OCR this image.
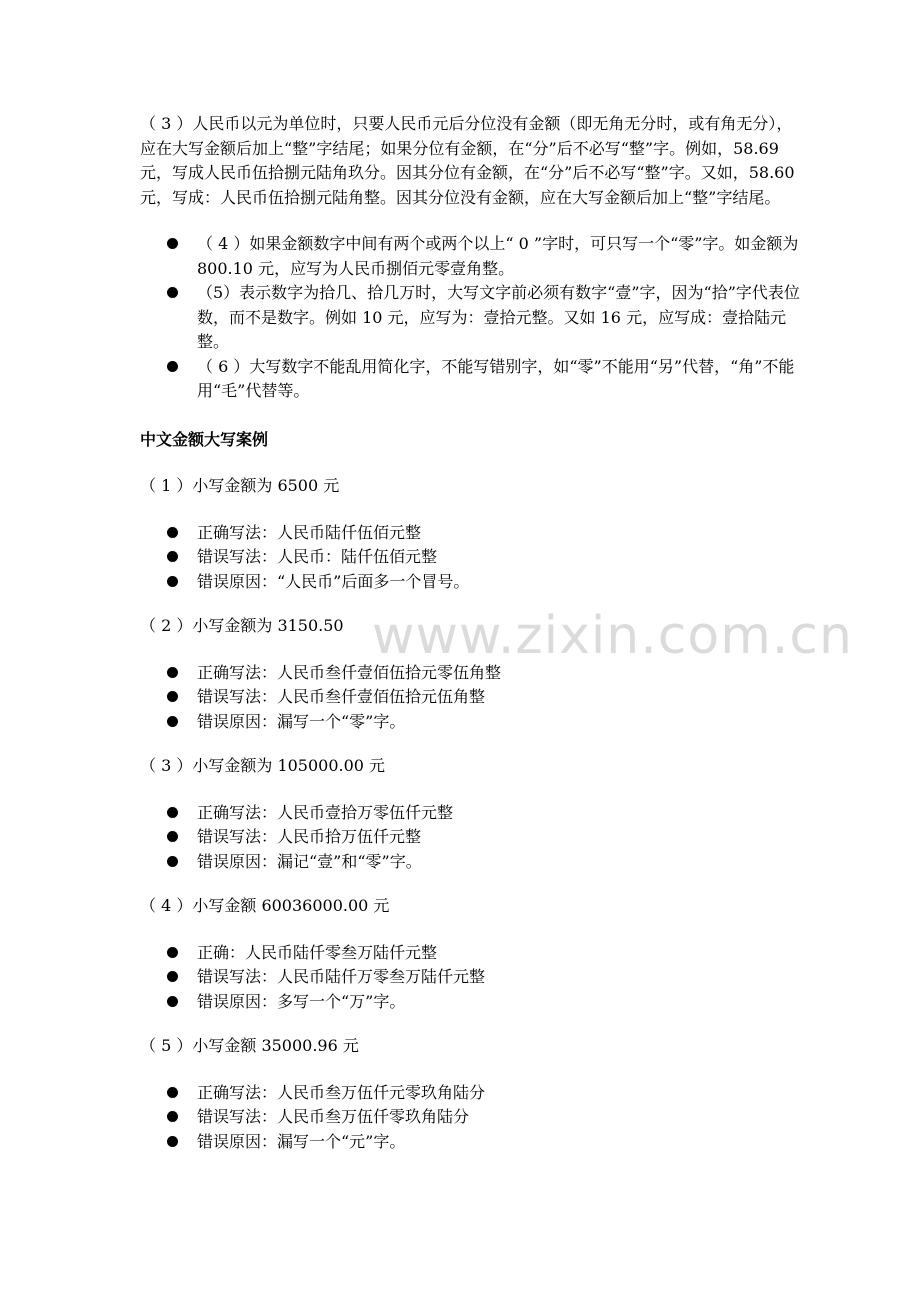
（ 3 ）人民币以元为单位时，只要人民币元后分位没有金额（即无角无分时，或有角无分），应在大写金额后加上“整”字结尾；如果分位有金额，在“分”后不必写“整”字。例如，58.69元，写成人民币伍拾捌元陆角玖分。因其分位有金额，在“分”后不必写“整”字。又如，58.60元，写成：人民币伍拾捌元陆角整。因其分位没有金额，应在大写金额后加上“整”字结尾。

（ 4 ）如果金额数字中间有两个或两个以上“ 0 ”字时，可只写一个“零”字。如金额为 800.10 元，应写为人民币捌佰元零壹角整。
（5）表示数字为拾几、拾几万时，大写文字前必须有数字“壹”字，因为“拾”字代表位数，而不是数字。例如 10 元，应写为：壹拾元整。又如 16 元，应写成：壹拾陆元整。
（ 6 ）大写数字不能乱用简化字，不能写错别字，如“零”不能用“另”代替，“角”不能用“毛”代替等。

中文金额大写案例

（ 1 ）小写金额为 6500 元

正确写法：人民币陆仟伍佰元整
错误写法：人民币：陆仟伍佰元整
错误原因：“人民币”后面多一个冒号。

（ 2 ）小写金额为 3150.50

正确写法：人民币叁仟壹佰伍拾元零伍角整
错误写法：人民币叁仟壹佰伍拾元伍角整
错误原因：漏写一个“零”字。

（ 3 ）小写金额为 105000.00 元

正确写法：人民币壹拾万零伍仟元整
错误写法：人民币拾万伍仟元整
错误原因：漏记“壹”和“零”字。

（ 4 ）小写金额 60036000.00 元

正确：人民币陆仟零叁万陆仟元整
错误写法：人民币陆仟万零叁万陆仟元整
错误原因：多写一个“万”字。

（ 5 ）小写金额 35000.96 元

正确写法：人民币叁万伍仟元零玖角陆分
错误写法：人民币叁万伍仟零玖角陆分
错误原因：漏写一个“元”字。
www.zixin.com.cn
